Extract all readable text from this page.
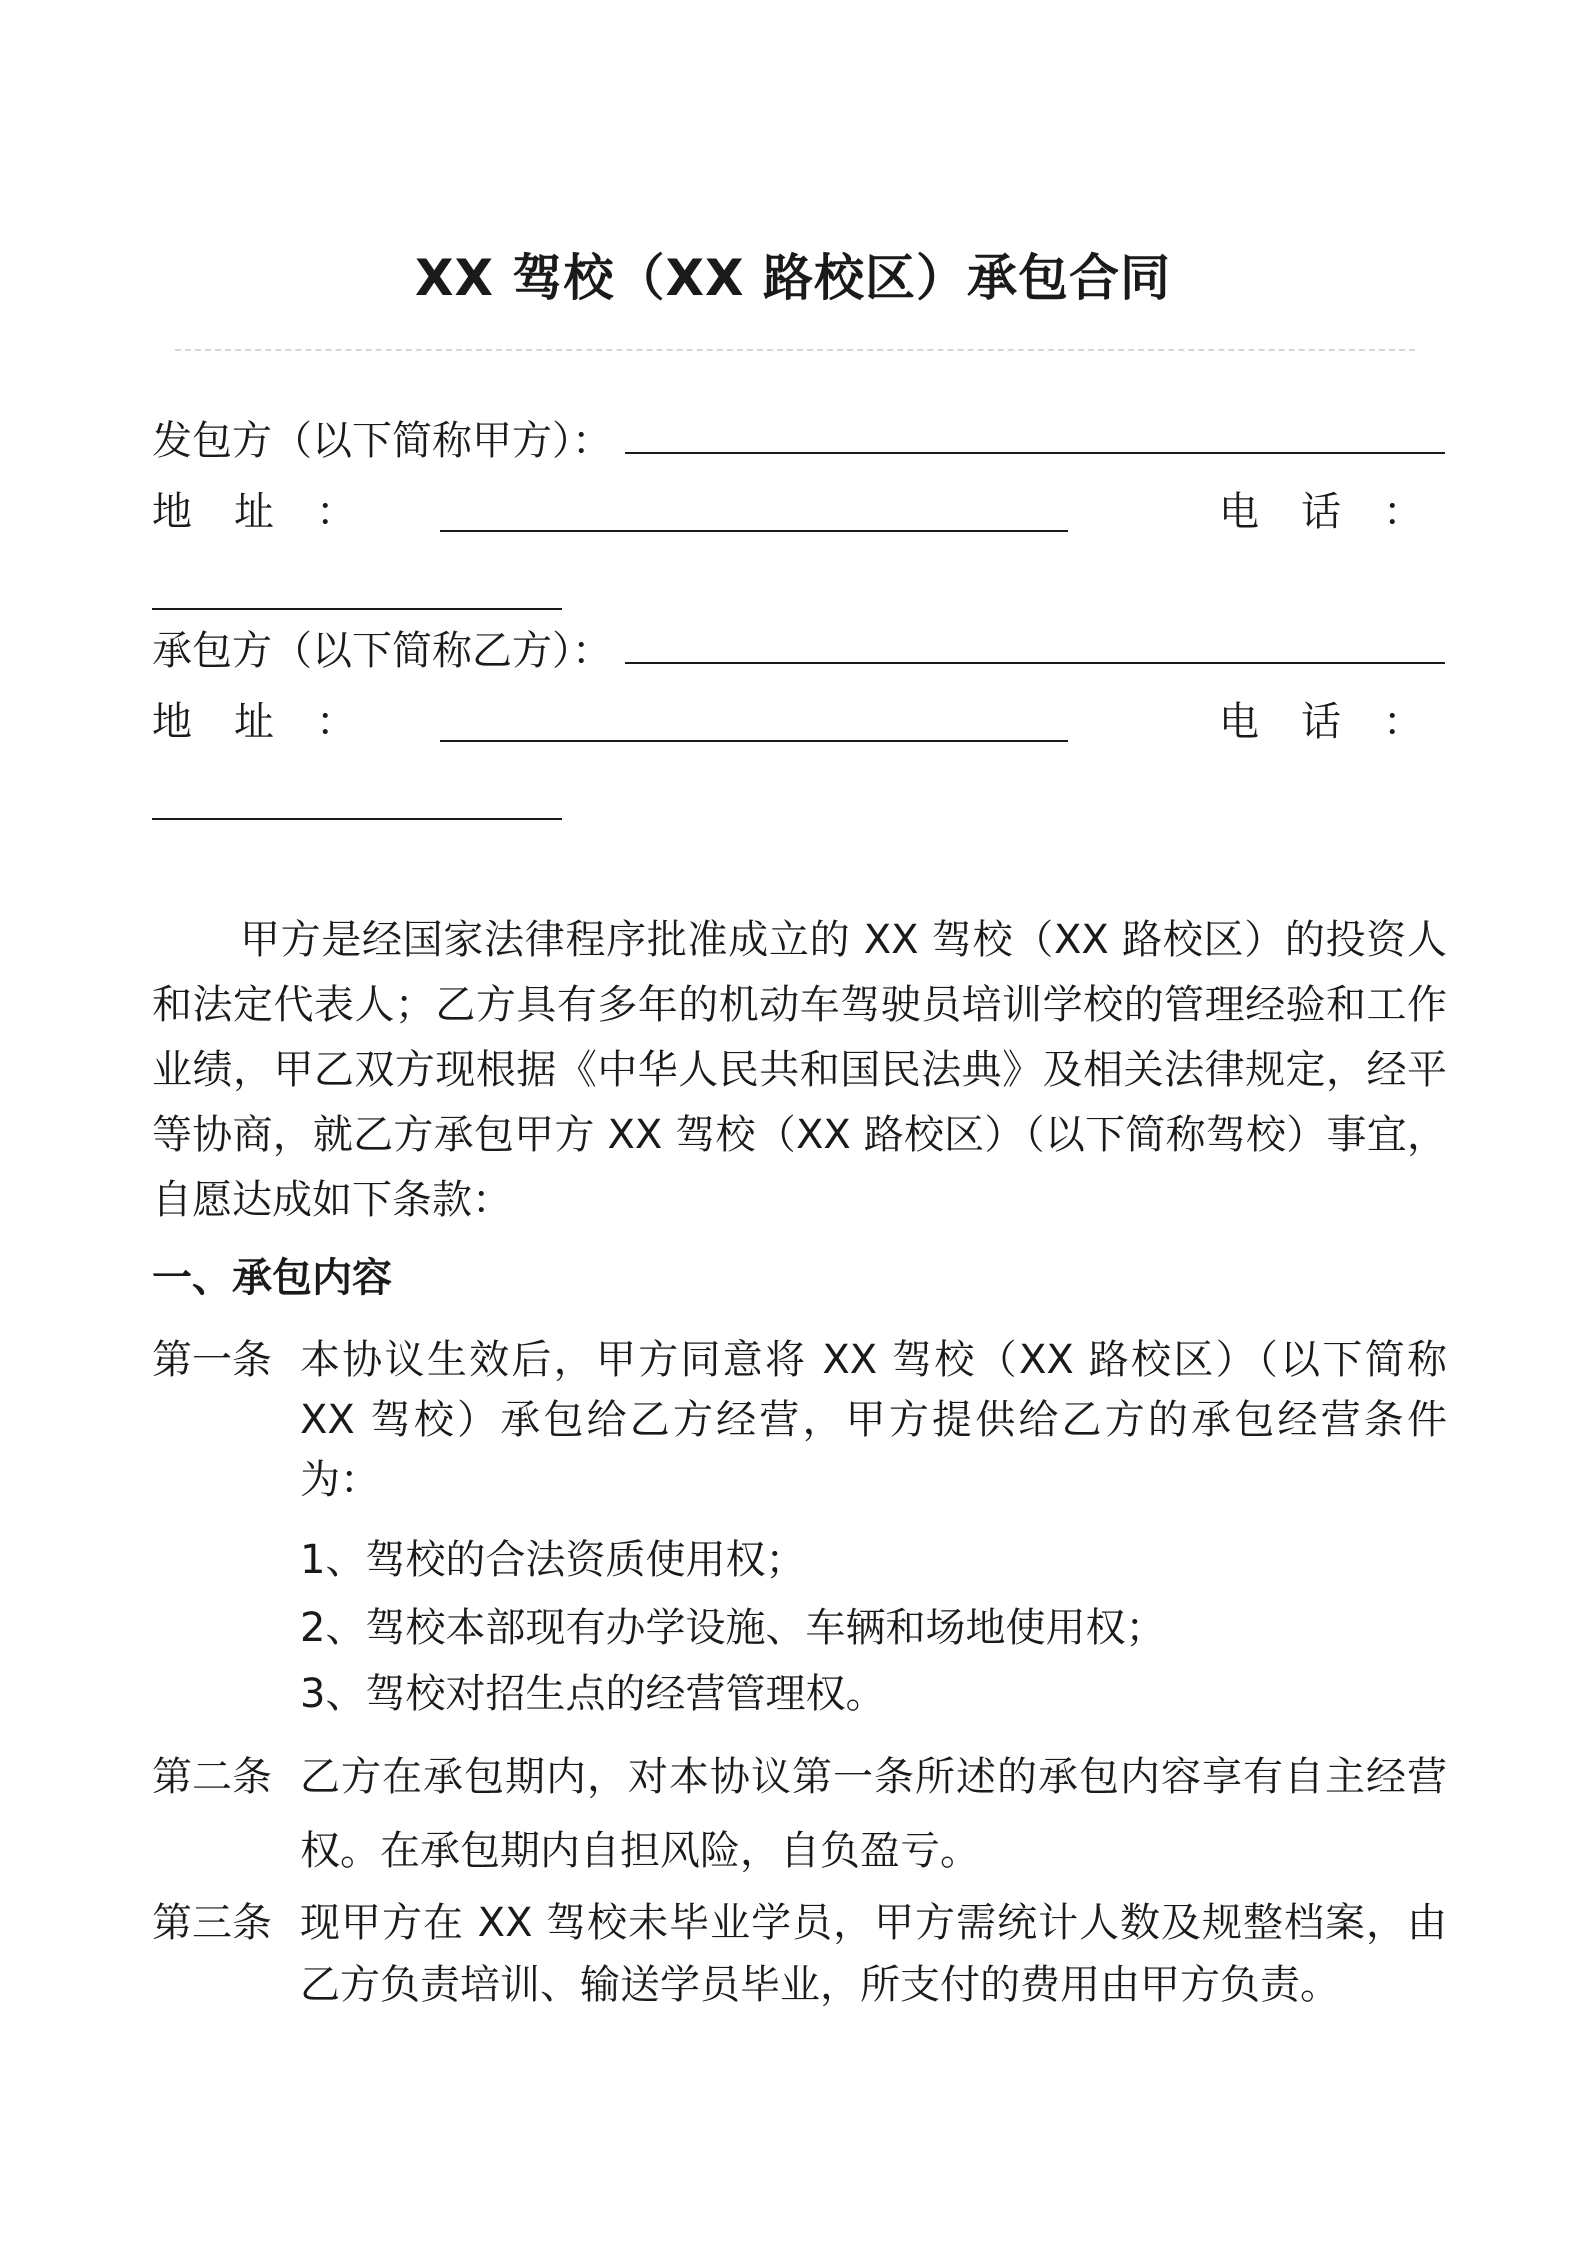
XX 驾校（XX 路校区）承包合同
发包方（以下简称甲方）：
地址：	电话：
承包方（以下简称乙方）：
地址：	电话：
甲方是经国家法律程序批准成立的 XX 驾校（XX 路校区）的投资人和法定代表人；乙方具有多年的机动车驾驶员培训学校的管理经验和工作业绩，甲乙双方现根据《中华人民共和国民法典》及相关法律规定，经平等协商，就乙方承包甲方 XX 驾校（XX 路校区）（以下简称驾校）事宜，自愿达成如下条款：
一、承包内容
第一条 本协议生效后，甲方同意将 XX 驾校（XX 路校区）（以下简称 XX 驾校）承包给乙方经营，甲方提供给乙方的承包经营条件为：
1、驾校的合法资质使用权；
2、驾校本部现有办学设施、车辆和场地使用权；
3、驾校对招生点的经营管理权。
第二条 乙方在承包期内，对本协议第一条所述的承包内容享有自主经营权。在承包期内自担风险，自负盈亏。
第三条 现甲方在 XX 驾校未毕业学员，甲方需统计人数及规整档案，由乙方负责培训、输送学员毕业，所支付的费用由甲方负责。
